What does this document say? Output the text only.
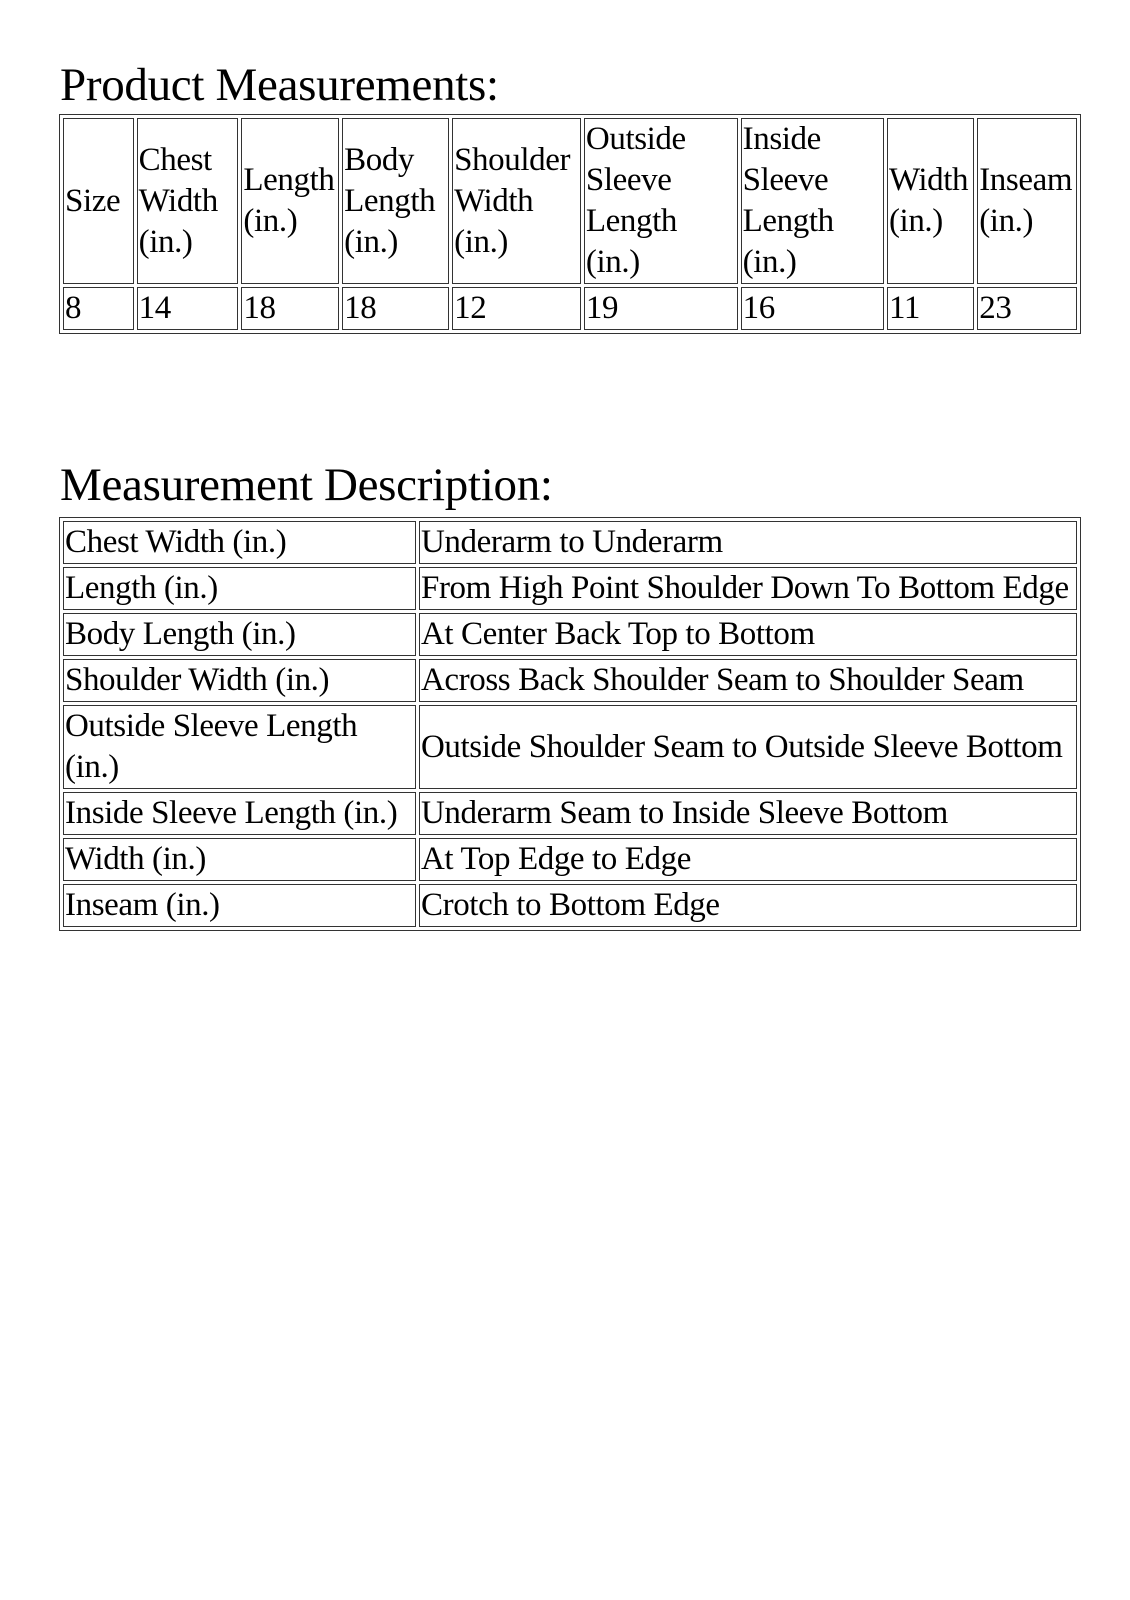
Product Measurements:
Size	Chest Width (in.)	Length (in.)	Body Length (in.)	Shoulder Width (in.)	Outside Sleeve Length (in.)	Inside Sleeve Length (in.)	Width (in.)	Inseam (in.)
8	14	18	18	12	19	16	11	23
Measurement Description:
Chest Width (in.)	Underarm to Underarm
Length (in.)	From High Point Shoulder Down To Bottom Edge
Body Length (in.)	At Center Back Top to Bottom
Shoulder Width (in.)	Across Back Shoulder Seam to Shoulder Seam
Outside Sleeve Length (in.)	Outside Shoulder Seam to Outside Sleeve Bottom
Inside Sleeve Length (in.)	Underarm Seam to Inside Sleeve Bottom
Width (in.)	At Top Edge to Edge
Inseam (in.)	Crotch to Bottom Edge
